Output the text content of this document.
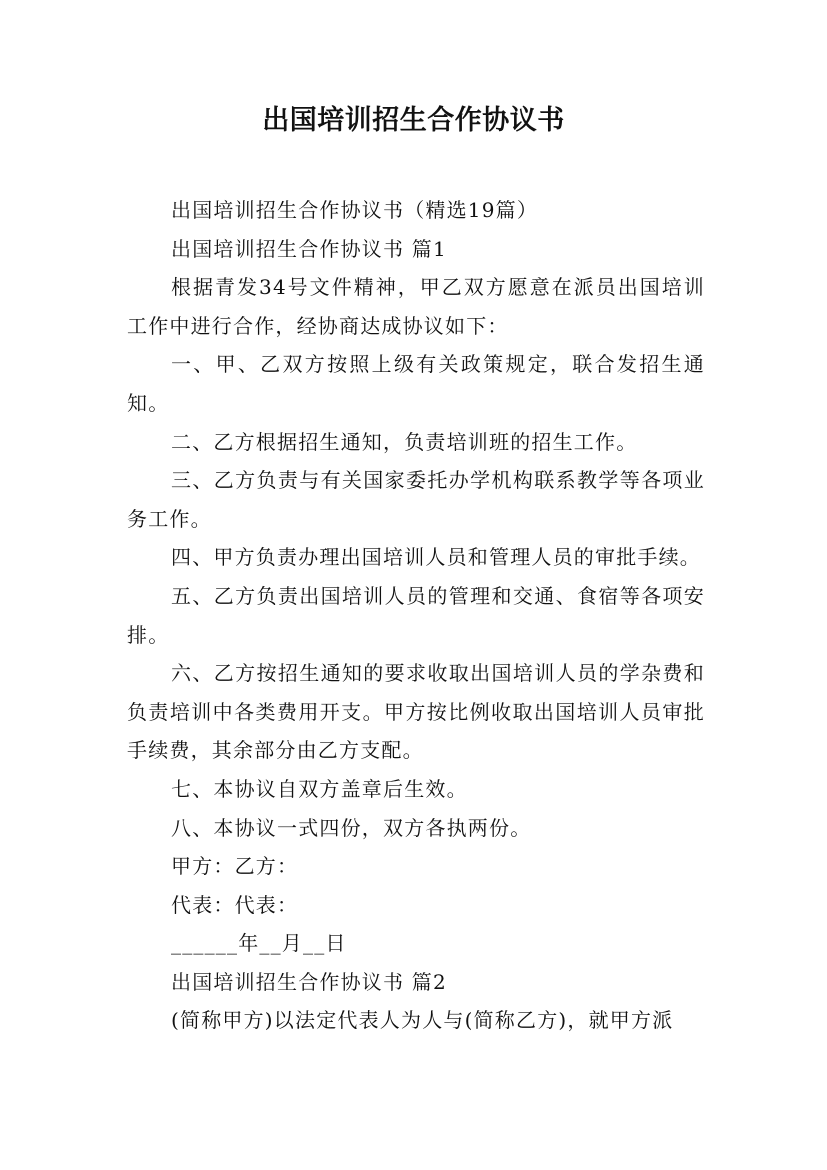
出国培训招生合作协议书

出国培训招生合作协议书（精选19篇）

出国培训招生合作协议书 篇1

根据青发34号文件精神，甲乙双方愿意在派员出国培训工作中进行合作，经协商达成协议如下：

一、甲、乙双方按照上级有关政策规定，联合发招生通知。

二、乙方根据招生通知，负责培训班的招生工作。

三、乙方负责与有关国家委托办学机构联系教学等各项业务工作。

四、甲方负责办理出国培训人员和管理人员的审批手续。

五、乙方负责出国培训人员的管理和交通、食宿等各项安排。

六、乙方按招生通知的要求收取出国培训人员的学杂费和负责培训中各类费用开支。甲方按比例收取出国培训人员审批手续费，其余部分由乙方支配。

七、本协议自双方盖章后生效。

八、本协议一式四份，双方各执两份。

甲方：乙方：

代表：代表：

______年__月__日

出国培训招生合作协议书 篇2

(简称甲方)以法定代表人为人与(简称乙方)，就甲方派
